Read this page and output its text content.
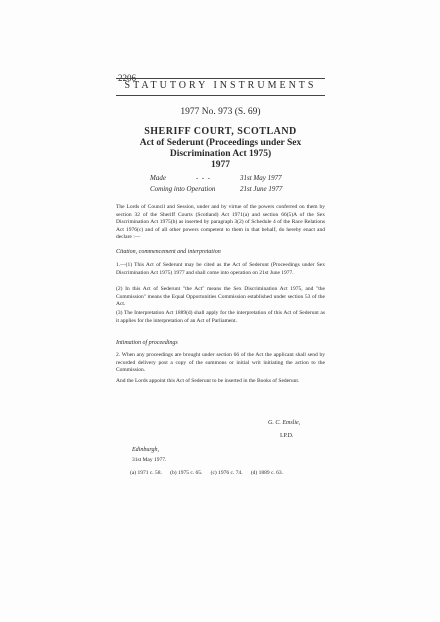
2206
STATUTORY INSTRUMENTS
1977 No. 973 (S. 69)
SHERIFF COURT, SCOTLAND
Act of Sederunt (Proceedings under Sex Discrimination Act 1975)
1977
Made	-  -  -	31st May 1977
Coming into Operation	21st June 1977
The Lords of Council and Session, under and by virtue of the powers conferred on them by section 32 of the Sheriff Courts (Scotland) Act 1971(a) and section 66(5)A of the Sex Discrimination Act 1975(b) as inserted by paragraph 3(2) of Schedule 4 of the Race Relations Act 1976(c) and of all other powers competent to them in that behalf, do hereby enact and declare :—
Citation, commencement and interpretation
1.—(1) This Act of Sederunt may be cited as the Act of Sederunt (Proceedings under Sex Discrimination Act 1975) 1977 and shall come into operation on 21st June 1977.
(2) In this Act of Sederunt "the Act" means the Sex Discrimination Act 1975, and "the Commission" means the Equal Opportunities Commission established under section 53 of the Act.
(3) The Interpretation Act 1889(d) shall apply for the interpretation of this Act of Sederunt as it applies for the interpretation of an Act of Parliament.
Intimation of proceedings
2. When any proceedings are brought under section 66 of the Act the applicant shall send by recorded delivery post a copy of the summons or initial writ initiating the action to the Commission.
And the Lords appoint this Act of Sederunt to be inserted in the Books of Sederunt.
G. C. Emslie,
I.P.D.
Edinburgh,
31st May 1977.
(a) 1971 c. 58.      (b) 1975 c. 65.      (c) 1976 c. 74.      (d) 1889 c. 63.
